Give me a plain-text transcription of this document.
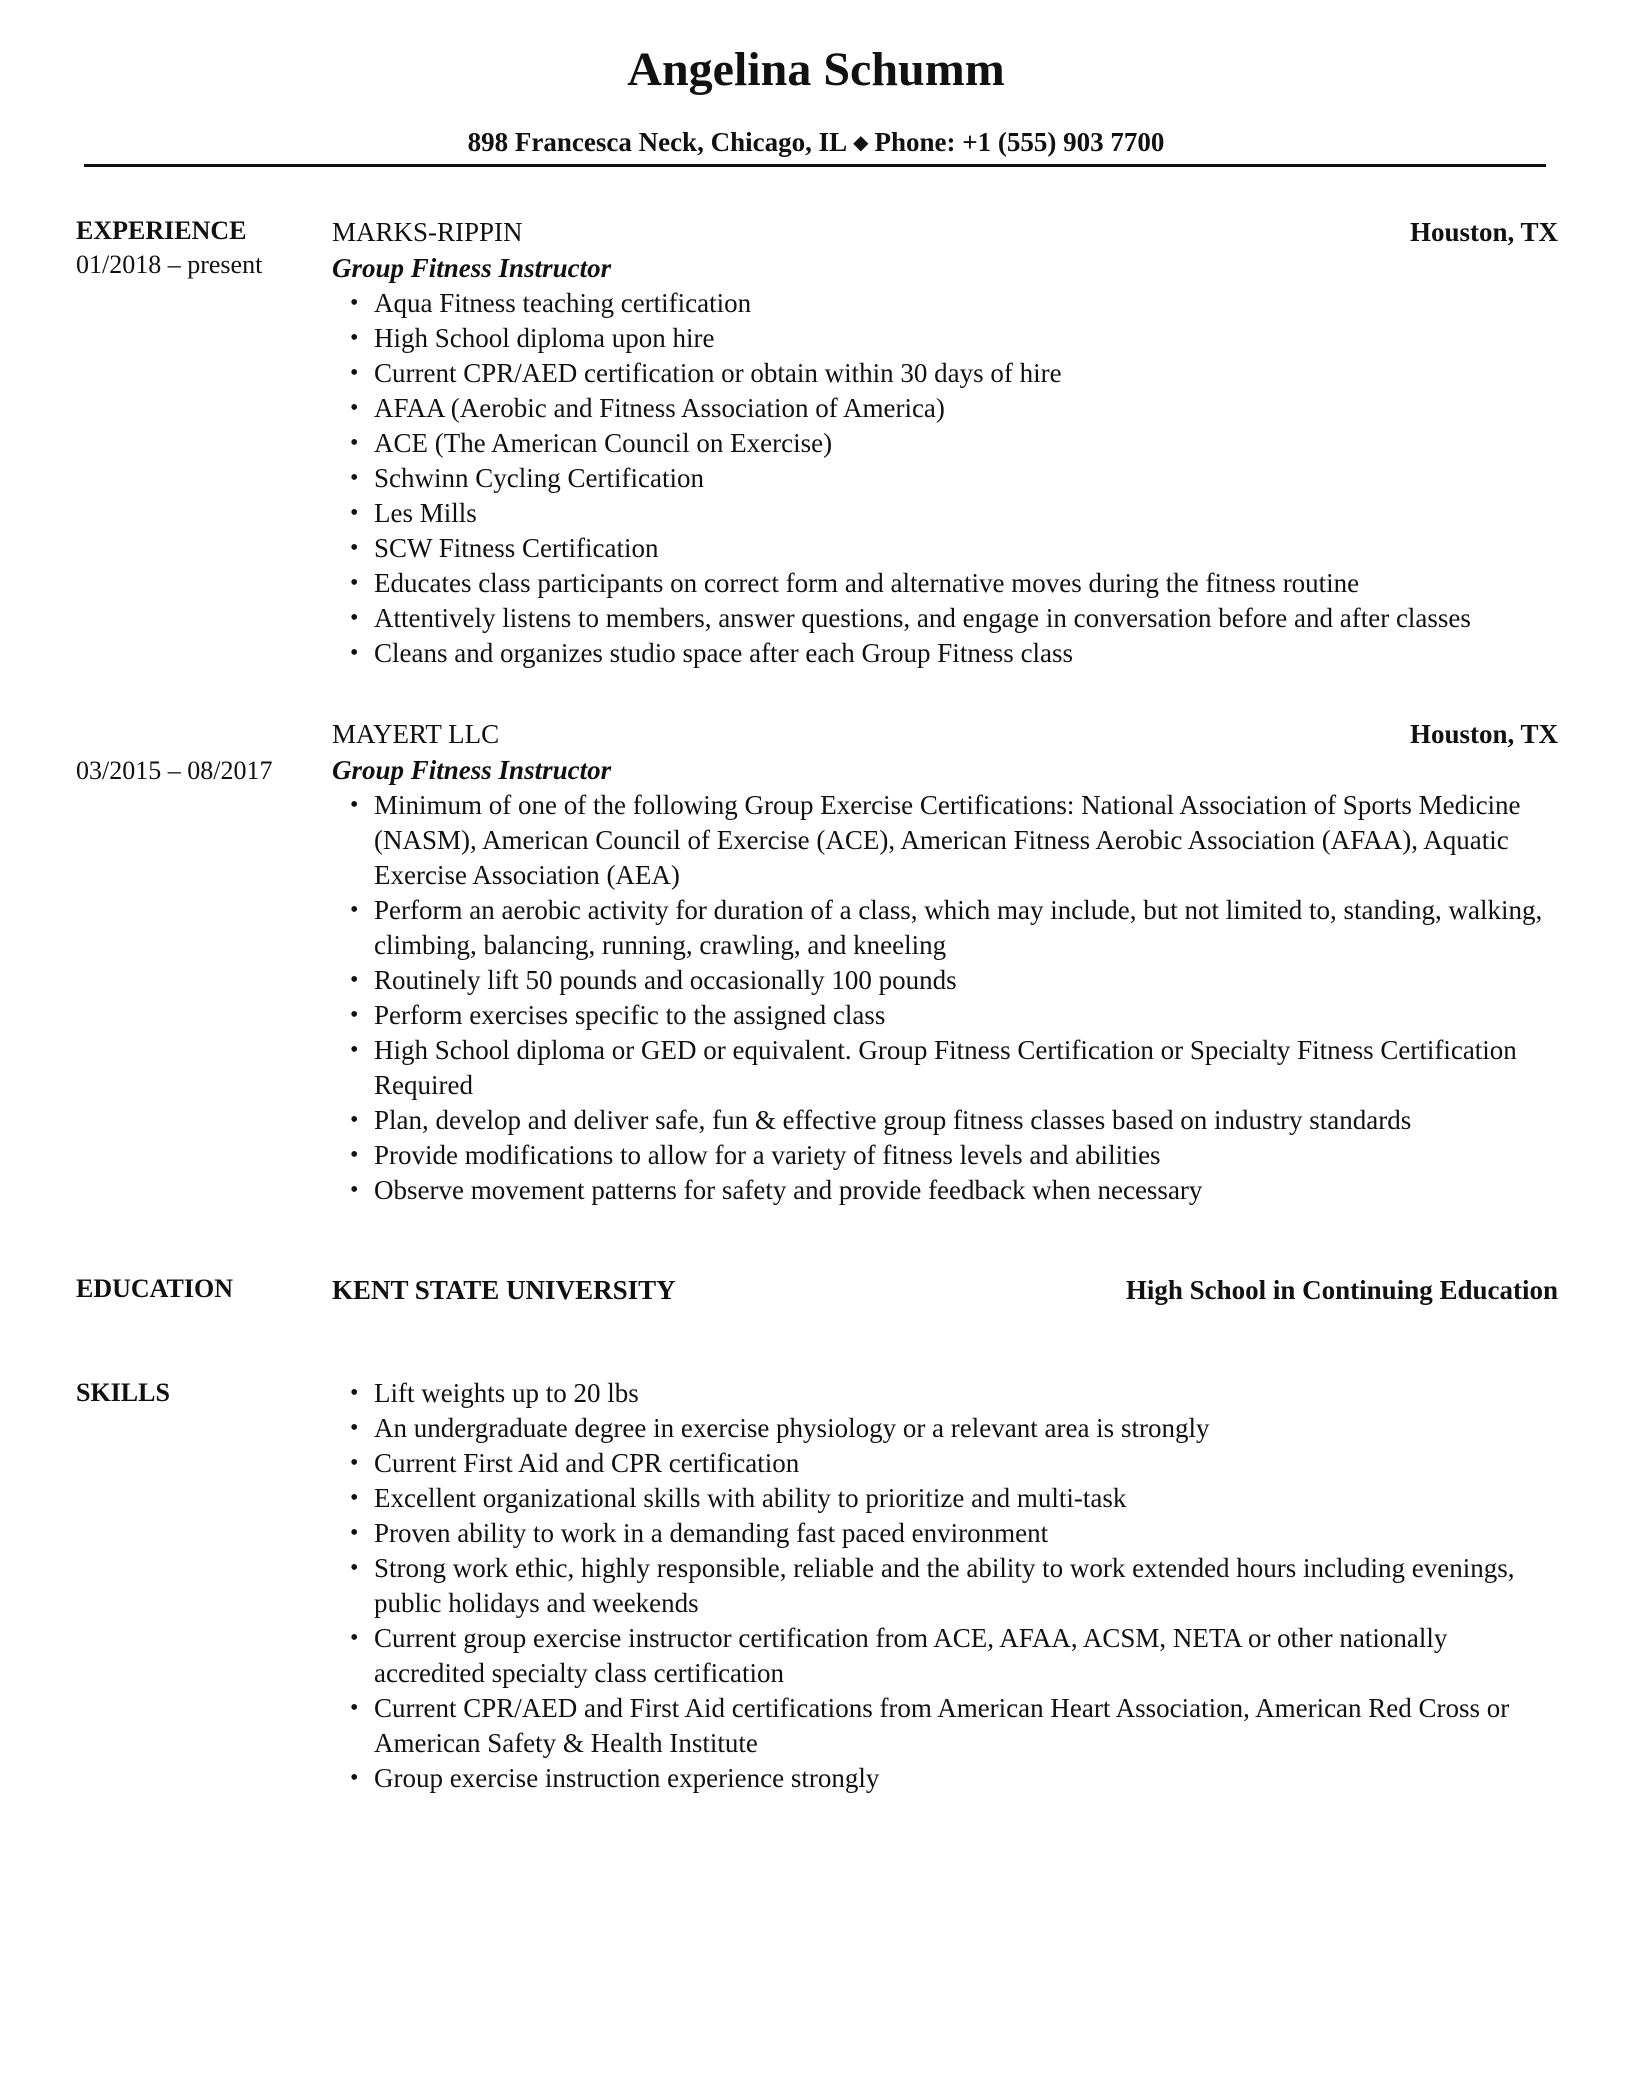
Angelina Schumm
898 Francesca Neck, Chicago, IL ◆ Phone: +1 (555) 903 7700
EXPERIENCE
01/2018 – present
MARKS-RIPPIN	Houston, TX
Group Fitness Instructor
• Aqua Fitness teaching certification
• High School diploma upon hire
• Current CPR/AED certification or obtain within 30 days of hire
• AFAA (Aerobic and Fitness Association of America)
• ACE (The American Council on Exercise)
• Schwinn Cycling Certification
• Les Mills
• SCW Fitness Certification
• Educates class participants on correct form and alternative moves during the fitness routine
• Attentively listens to members, answer questions, and engage in conversation before and after classes
• Cleans and organizes studio space after each Group Fitness class
03/2015 – 08/2017
MAYERT LLC	Houston, TX
Group Fitness Instructor
• Minimum of one of the following Group Exercise Certifications: National Association of Sports Medicine (NASM), American Council of Exercise (ACE), American Fitness Aerobic Association (AFAA), Aquatic Exercise Association (AEA)
• Perform an aerobic activity for duration of a class, which may include, but not limited to, standing, walking, climbing, balancing, running, crawling, and kneeling
• Routinely lift 50 pounds and occasionally 100 pounds
• Perform exercises specific to the assigned class
• High School diploma or GED or equivalent. Group Fitness Certification or Specialty Fitness Certification Required
• Plan, develop and deliver safe, fun & effective group fitness classes based on industry standards
• Provide modifications to allow for a variety of fitness levels and abilities
• Observe movement patterns for safety and provide feedback when necessary
EDUCATION	KENT STATE UNIVERSITY	High School in Continuing Education
SKILLS	• Lift weights up to 20 lbs
• An undergraduate degree in exercise physiology or a relevant area is strongly
• Current First Aid and CPR certification
• Excellent organizational skills with ability to prioritize and multi-task
• Proven ability to work in a demanding fast paced environment
• Strong work ethic, highly responsible, reliable and the ability to work extended hours including evenings, public holidays and weekends
• Current group exercise instructor certification from ACE, AFAA, ACSM, NETA or other nationally accredited specialty class certification
• Current CPR/AED and First Aid certifications from American Heart Association, American Red Cross or American Safety & Health Institute
• Group exercise instruction experience strongly
